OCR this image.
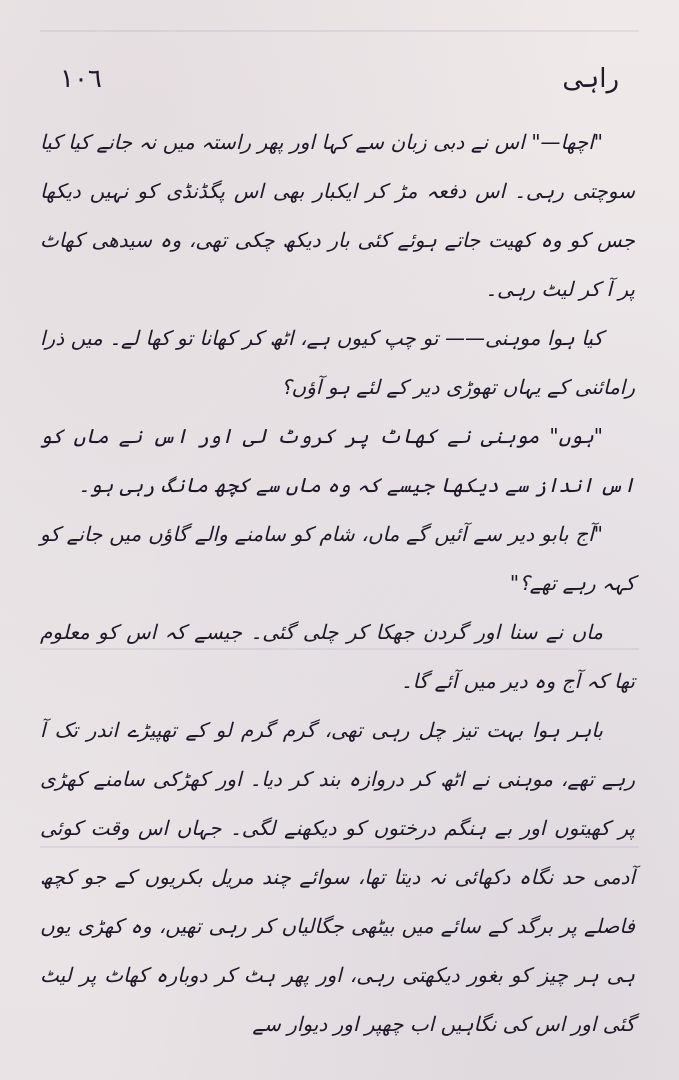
١٠٦	راہی

"اچھا—" اس نے دبی زبان سے کہا اور پھر راستہ میں نہ جانے کیا کیا سوچتی رہی۔ اس دفعہ مڑ کر ایکبار بھی اس پگڈنڈی کو نہیں دیکھا جس کو وہ کھیت جاتے ہوئے کئی بار دیکھ چکی تھی، وہ سیدھی کھاٹ پر آ کر لیٹ رہی۔

کیا ہوا موہنی—— تو چپ کیوں ہے، اٹھ کر کھانا تو کھا لے۔ میں ذرا رامائنی کے یہاں تھوڑی دیر کے لئے ہو آؤں؟

"ہوں" موہنی نے کھاٹ پر کروٹ لی اور اس نے ماں کو اس انداز سے دیکھا جیسے کہ وہ ماں سے کچھ مانگ رہی ہو۔

"آج بابو دیر سے آئیں گے ماں، شام کو سامنے والے گاؤں میں جانے کو کہہ رہے تھے؟"

ماں نے سنا اور گردن جھکا کر چلی گئی۔ جیسے کہ اس کو معلوم تھا کہ آج وہ دیر میں آئے گا۔

باہر ہوا بہت تیز چل رہی تھی، گرم گرم لو کے تھپیڑے اندر تک آ رہے تھے، موہنی نے اٹھ کر دروازہ بند کر دیا۔ اور کھڑکی سامنے کھڑی پر کھیتوں اور بے ہنگم درختوں کو دیکھنے لگی۔ جہاں اس وقت کوئی آدمی حد نگاہ دکھائی نہ دیتا تھا، سوائے چند مریل بکریوں کے جو کچھ فاصلے پر برگد کے سائے میں بیٹھی جگالیاں کر رہی تھیں، وہ کھڑی یوں ہی ہر چیز کو بغور دیکھتی رہی، اور پھر ہٹ کر دوبارہ کھاٹ پر لیٹ گئی اور اس کی نگاہیں اب چھپر اور دیوار سے
